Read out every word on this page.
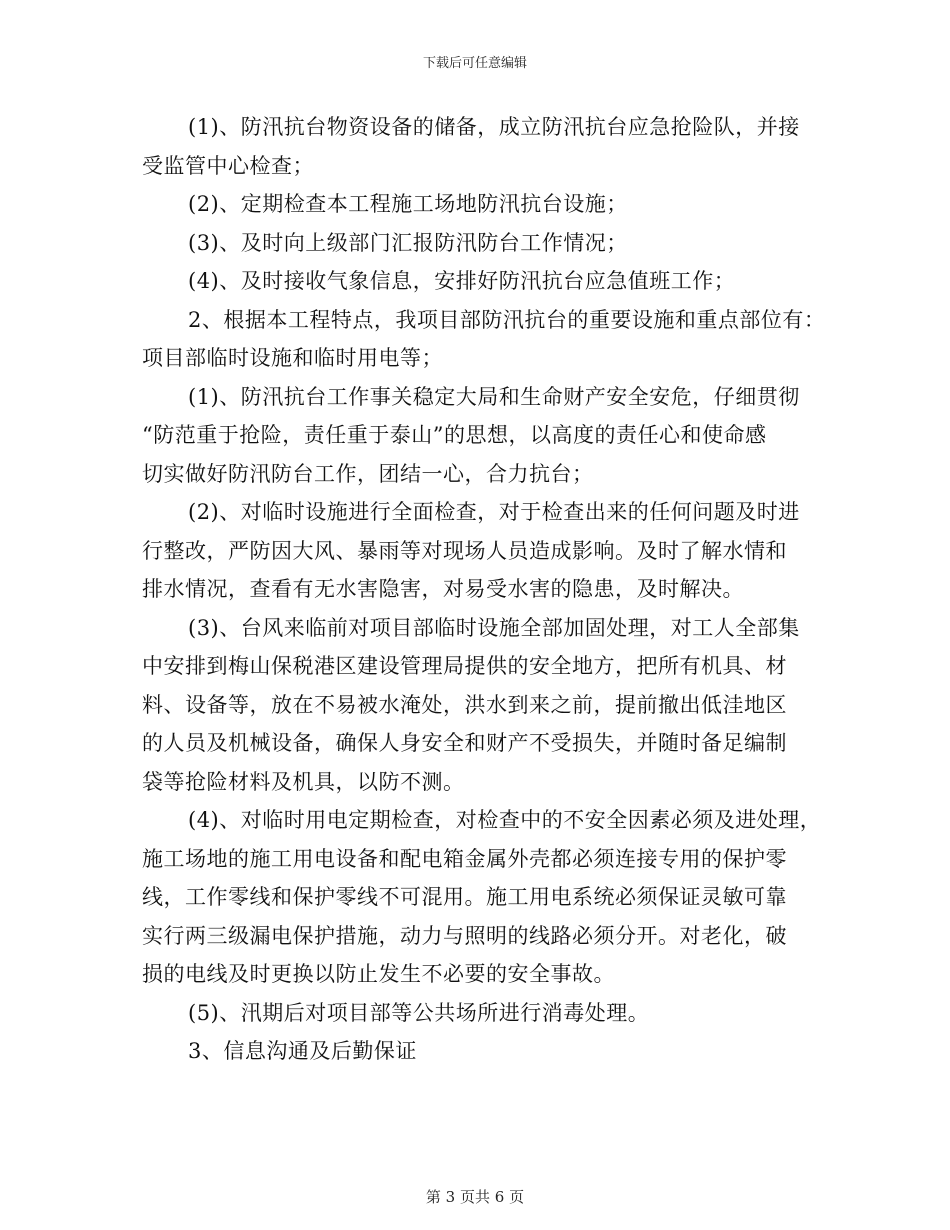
下载后可任意编辑
(1)、防汛抗台物资设备的储备，成立防汛抗台应急抢险队，并接
受监管中心检查；
(2)、定期检查本工程施工场地防汛抗台设施；
(3)、及时向上级部门汇报防汛防台工作情况；
(4)、及时接收气象信息，安排好防汛抗台应急值班工作；
2、根据本工程特点，我项目部防汛抗台的重要设施和重点部位有：
项目部临时设施和临时用电等；
(1)、防汛抗台工作事关稳定大局和生命财产安全安危，仔细贯彻
“防范重于抢险，责任重于泰山”的思想，以高度的责任心和使命感
切实做好防汛防台工作，团结一心，合力抗台；
(2)、对临时设施进行全面检查，对于检查出来的任何问题及时进
行整改，严防因大风、暴雨等对现场人员造成影响。及时了解水情和
排水情况，查看有无水害隐害，对易受水害的隐患，及时解决。
(3)、台风来临前对项目部临时设施全部加固处理，对工人全部集
中安排到梅山保税港区建设管理局提供的安全地方，把所有机具、材
料、设备等，放在不易被水淹处，洪水到来之前，提前撤出低洼地区
的人员及机械设备，确保人身安全和财产不受损失，并随时备足编制
袋等抢险材料及机具，以防不测。
(4)、对临时用电定期检查，对检查中的不安全因素必须及进处理，
施工场地的施工用电设备和配电箱金属外壳都必须连接专用的保护零
线，工作零线和保护零线不可混用。施工用电系统必须保证灵敏可靠
实行两三级漏电保护措施，动力与照明的线路必须分开。对老化，破
损的电线及时更换以防止发生不必要的安全事故。
(5)、汛期后对项目部等公共场所进行消毒处理。
3、信息沟通及后勤保证
第 3 页共 6 页
